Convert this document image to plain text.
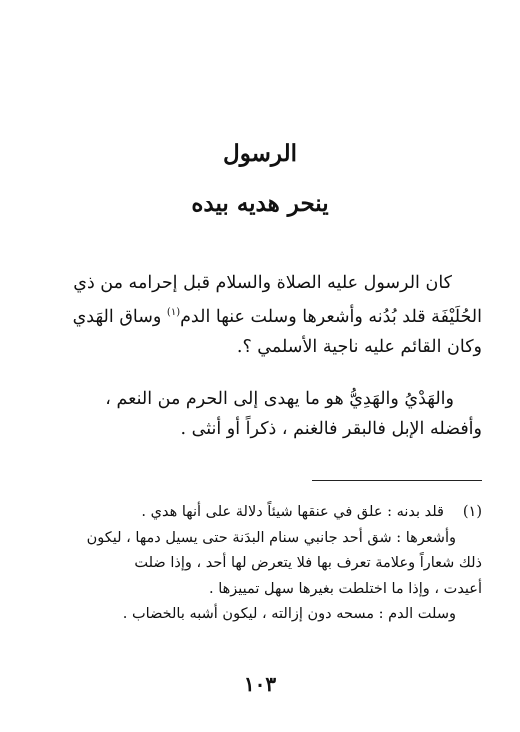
الرسول
ينحر هديه بيده
كان الرسول عليه الصلاة والسلام قبل إحرامه من ذي
الحُلَيْفَة قلد بُدُنه وأشعرها وسلت عنها الدم$^{(١)}$ وساق الهَدي
وكان القائم عليه ناجية الأسلمي ؟.
والهَدْيُ والهَدِيُّ هو ما يهدى إلى الحرم من النعم ،
وأفضله الإبل فالبقر فالغنم ، ذكراً أو أنثى .
(١)قلد بدنه : علق في عنقها شيئاً دلالة على أنها هدي .
وأشعرها : شق أحد جانبي سنام البدَنة حتى يسيل دمها ، ليكون
ذلك شعاراً وعلامة تعرف بها فلا يتعرض لها أحد ، وإذا ضلت
أعيدت ، وإذا ما اختلطت بغيرها سهل تمييزها .
وسلت الدم : مسحه دون إزالته ، ليكون أشبه بالخضاب .
١٠٣
